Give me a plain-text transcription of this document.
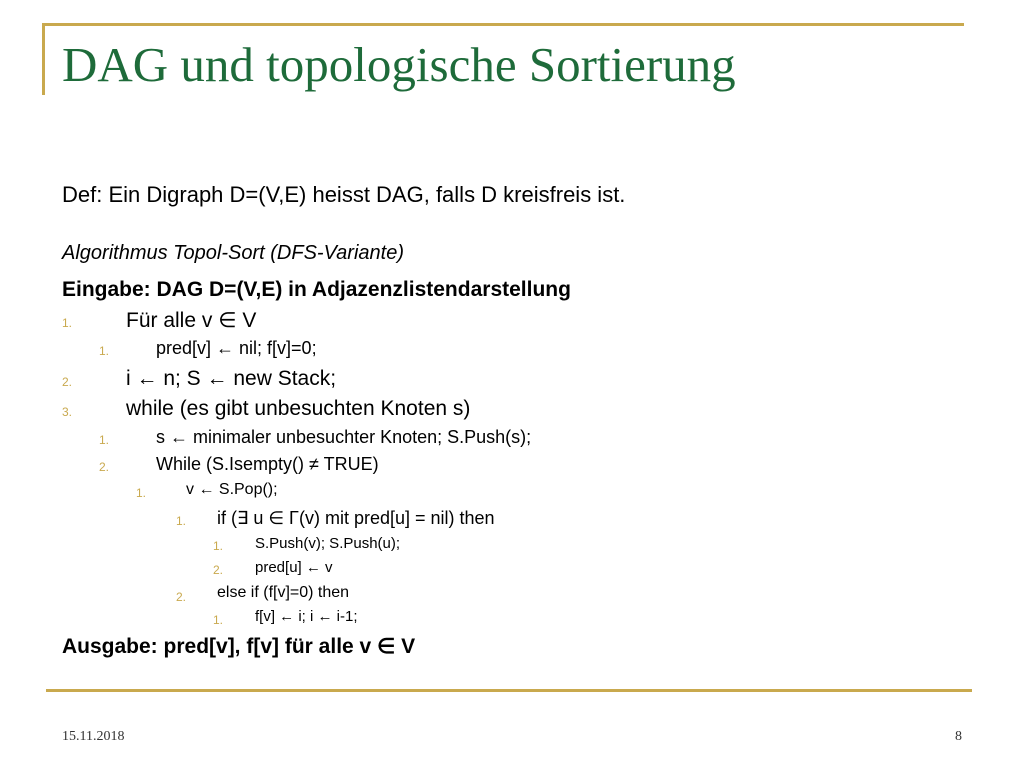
DAG und topologische Sortierung
Def: Ein Digraph D=(V,E) heisst DAG, falls D kreisfreis ist.
Algorithmus Topol-Sort (DFS-Variante)
Eingabe: DAG D=(V,E) in Adjazenzlistendarstellung
1.	Für alle v ∈ V
1.	pred[v] ← nil; f[v]=0;
2.	i ← n; S ← new Stack;
3.	while (es gibt unbesuchten Knoten s)
1.	s ← minimaler unbesuchter Knoten; S.Push(s);
2.	While (S.Isempty() ≠ TRUE)
1. v ← S.Pop();
1. if (∃ u ∈ Γ(v) mit pred[u] = nil) then
1. S.Push(v); S.Push(u);
2. pred[u] ← v
2. else if (f[v]=0) then
1. f[v] ← i; i ← i-1;
Ausgabe: pred[v], f[v] für alle v ∈ V
15.11.2018	8
